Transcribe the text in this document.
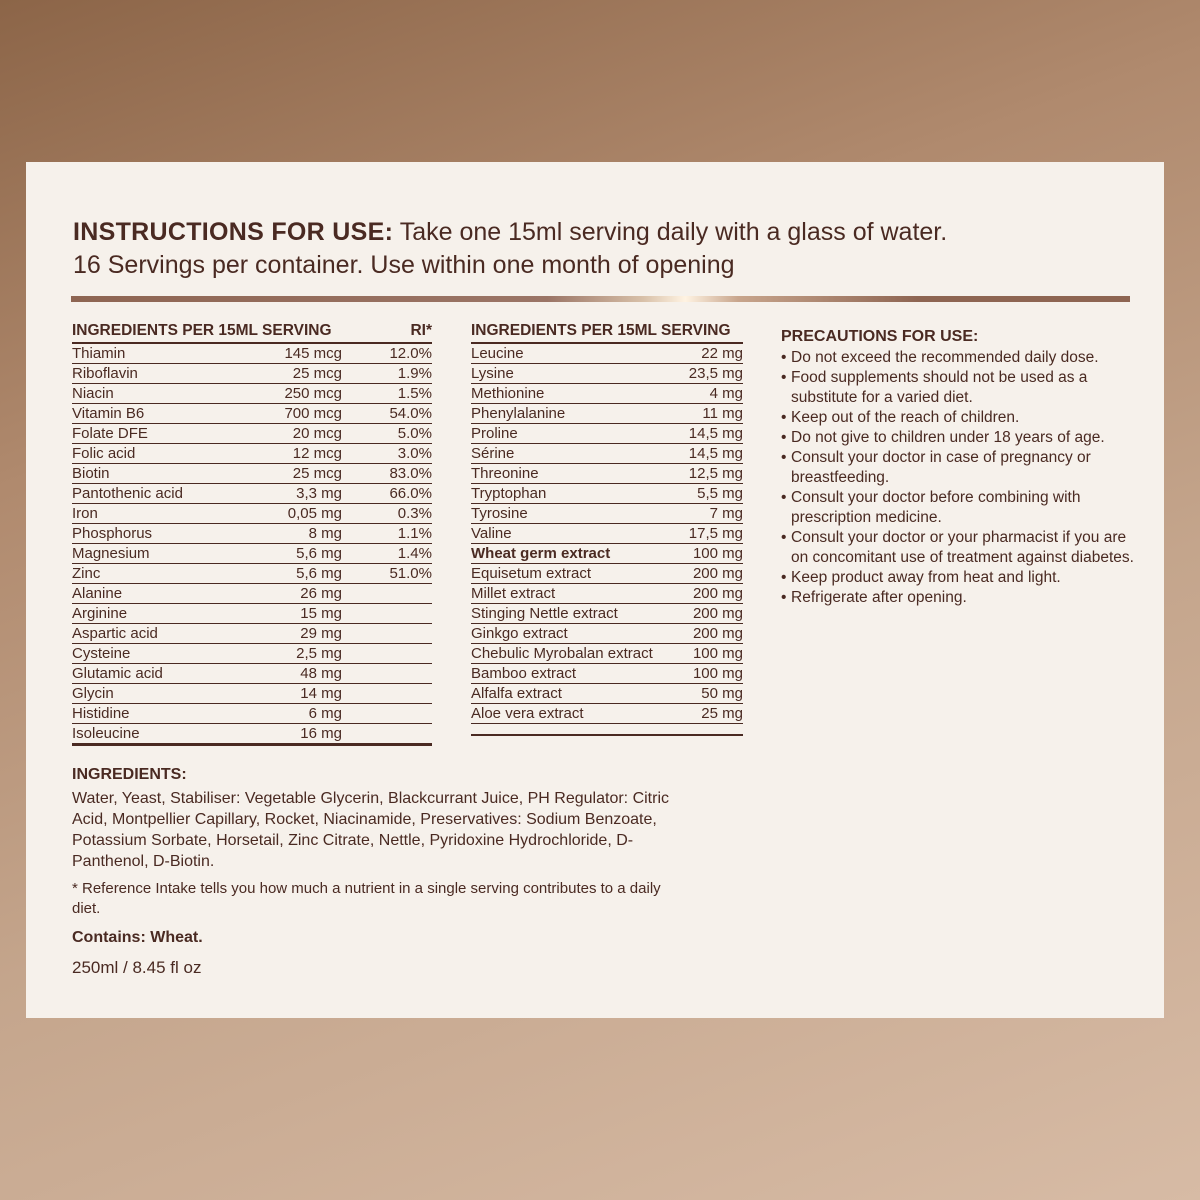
INSTRUCTIONS FOR USE: Take one 15ml serving daily with a glass of water.
16 Servings per container. Use within one month of opening
INGREDIENTS PER 15ML SERVING	RI*
Thiamin	145 mcg	12.0%
Riboflavin	25 mcg	1.9%
Niacin	250 mcg	1.5%
Vitamin B6	700 mcg	54.0%
Folate DFE	20 mcg	5.0%
Folic acid	12 mcg	3.0%
Biotin	25 mcg	83.0%
Pantothenic acid	3,3 mg	66.0%
Iron	0,05 mg	0.3%
Phosphorus	8 mg	1.1%
Magnesium	5,6 mg	1.4%
Zinc	5,6 mg	51.0%
Alanine	26 mg
Arginine	15 mg
Aspartic acid	29 mg
Cysteine	2,5 mg
Glutamic acid	48 mg
Glycin	14 mg
Histidine	6 mg
Isoleucine	16 mg
INGREDIENTS PER 15ML SERVING
Leucine	22 mg
Lysine	23,5 mg
Methionine	4 mg
Phenylalanine	11 mg
Proline	14,5 mg
Sérine	14,5 mg
Threonine	12,5 mg
Tryptophan	5,5 mg
Tyrosine	7 mg
Valine	17,5 mg
Wheat germ extract	100 mg
Equisetum extract	200 mg
Millet extract	200 mg
Stinging Nettle extract	200 mg
Ginkgo extract	200 mg
Chebulic Myrobalan extract	100 mg
Bamboo extract	100 mg
Alfalfa extract	50 mg
Aloe vera extract	25 mg
PRECAUTIONS FOR USE:
• Do not exceed the recommended daily dose.
• Food supplements should not be used as a substitute for a varied diet.
• Keep out of the reach of children.
• Do not give to children under 18 years of age.
• Consult your doctor in case of pregnancy or breastfeeding.
• Consult your doctor before combining with prescription medicine.
• Consult your doctor or your pharmacist if you are on concomitant use of treatment against diabetes.
• Keep product away from heat and light.
• Refrigerate after opening.
INGREDIENTS:
Water, Yeast, Stabiliser: Vegetable Glycerin, Blackcurrant Juice, PH Regulator: Citric Acid, Montpellier Capillary, Rocket, Niacinamide, Preservatives: Sodium Benzoate, Potassium Sorbate, Horsetail, Zinc Citrate, Nettle, Pyridoxine Hydrochloride, D-Panthenol, D-Biotin.
* Reference Intake tells you how much a nutrient in a single serving contributes to a daily diet.
Contains: Wheat.
250ml / 8.45 fl oz
